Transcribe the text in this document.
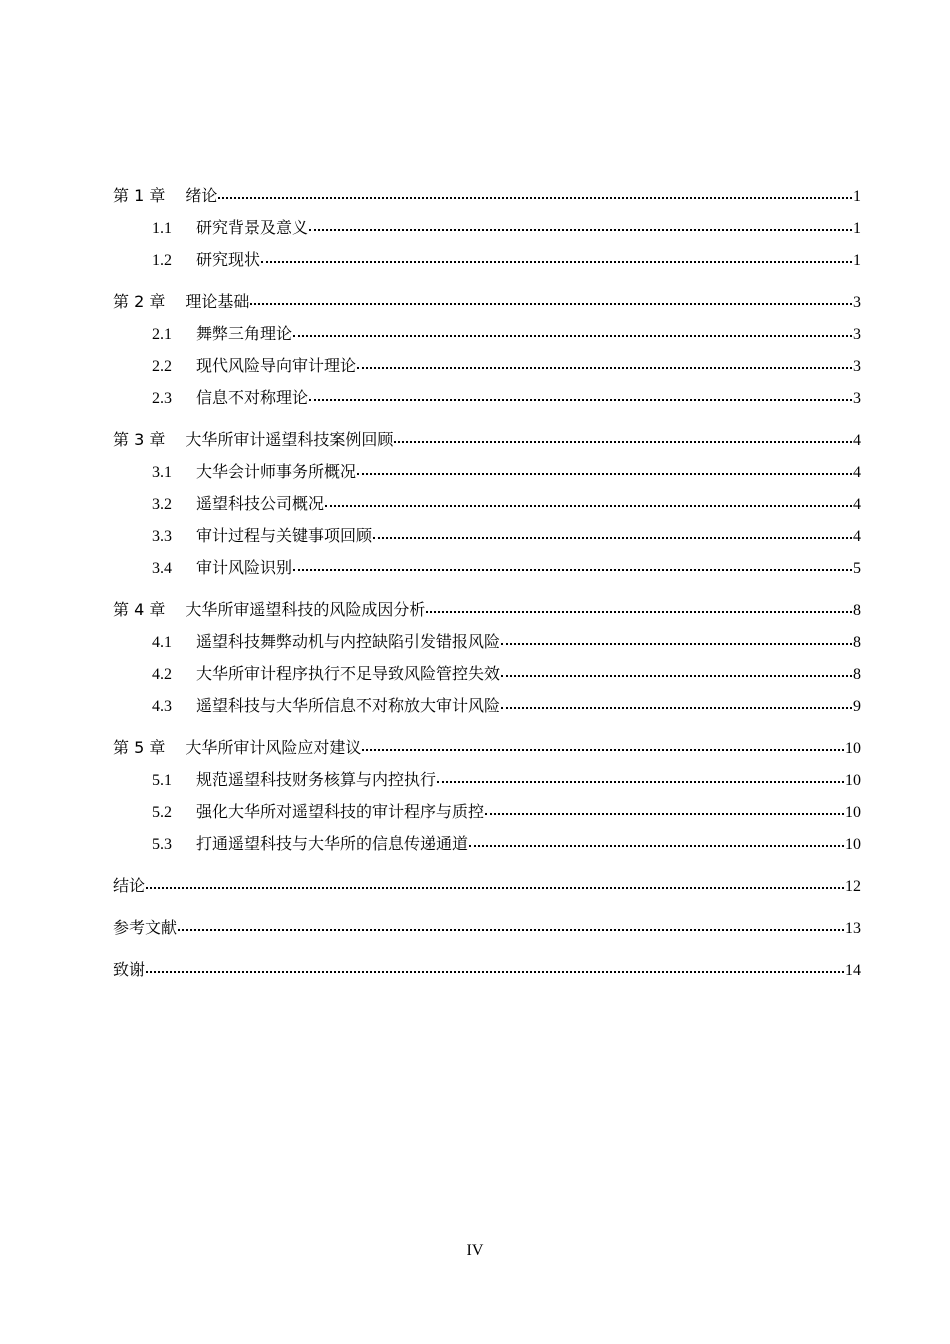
第 1 章 绪论	1
1.1	研究背景及意义	1
1.2	研究现状	1
第 2 章 理论基础	3
2.1	舞弊三角理论	3
2.2	现代风险导向审计理论	3
2.3	信息不对称理论	3
第 3 章 大华所审计遥望科技案例回顾	4
3.1	大华会计师事务所概况	4
3.2	遥望科技公司概况	4
3.3	审计过程与关键事项回顾	4
3.4	审计风险识别	5
第 4 章 大华所审遥望科技的风险成因分析	8
4.1	遥望科技舞弊动机与内控缺陷引发错报风险	8
4.2	大华所审计程序执行不足导致风险管控失效	8
4.3	遥望科技与大华所信息不对称放大审计风险	9
第 5 章 大华所审计风险应对建议	10
5.1	规范遥望科技财务核算与内控执行	10
5.2	强化大华所对遥望科技的审计程序与质控	10
5.3	打通遥望科技与大华所的信息传递通道	10
结论	12
参考文献	13
致谢	14
IV
